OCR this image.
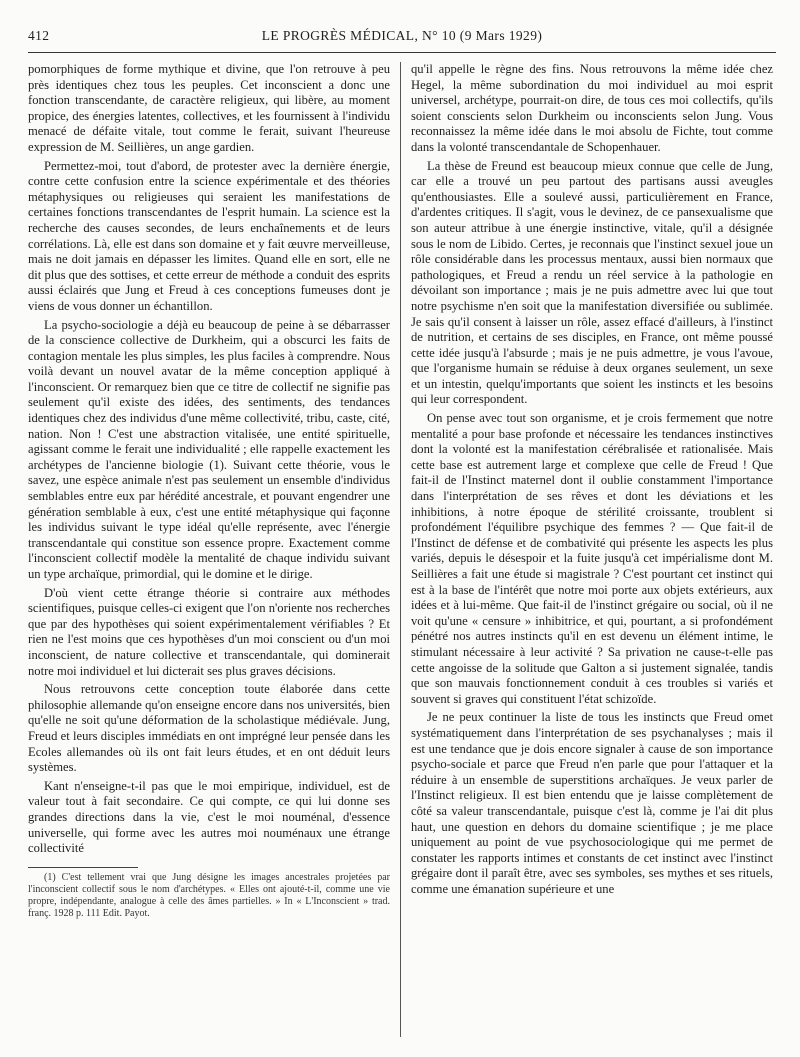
412	LE PROGRÈS MÉDICAL, N° 10 (9 Mars 1929)

pomorphiques de forme mythique et divine, que l'on retrouve à peu près identiques chez tous les peuples. Cet inconscient a donc une fonction transcendante, de caractère religieux, qui libère, au moment propice, des énergies latentes, collectives, et les fournissent à l'individu menacé de défaite vitale, tout comme le ferait, suivant l'heureuse expression de M. Seillières, un ange gardien.

Permettez-moi, tout d'abord, de protester avec la dernière énergie, contre cette confusion entre la science expérimentale et des théories métaphysiques ou religieuses qui seraient les manifestations de certaines fonctions transcendantes de l'esprit humain. La science est la recherche des causes secondes, de leurs enchaînements et de leurs corrélations. Là, elle est dans son domaine et y fait œuvre merveilleuse, mais ne doit jamais en dépasser les limites. Quand elle en sort, elle ne dit plus que des sottises, et cette erreur de méthode a conduit des esprits aussi éclairés que Jung et Freud à ces conceptions fumeuses dont je viens de vous donner un échantillon.

La psycho-sociologie a déjà eu beaucoup de peine à se débarrasser de la conscience collective de Durkheim, qui a obscurci les faits de contagion mentale les plus simples, les plus faciles à comprendre. Nous voilà devant un nouvel avatar de la même conception appliqué à l'inconscient. Or remarquez bien que ce titre de collectif ne signifie pas seulement qu'il existe des idées, des sentiments, des tendances identiques chez des individus d'une même collectivité, tribu, caste, cité, nation. Non ! C'est une abstraction vitalisée, une entité spirituelle, agissant comme le ferait une individualité ; elle rappelle exactement les archétypes de l'ancienne biologie (1). Suivant cette théorie, vous le savez, une espèce animale n'est pas seulement un ensemble d'individus semblables entre eux par hérédité ancestrale, et pouvant engendrer une génération semblable à eux, c'est une entité métaphysique qui façonne les individus suivant le type idéal qu'elle représente, avec l'énergie transcendantale qui constitue son essence propre. Exactement comme l'inconscient collectif modèle la mentalité de chaque individu suivant un type archaïque, primordial, qui le domine et le dirige.

D'où vient cette étrange théorie si contraire aux méthodes scientifiques, puisque celles-ci exigent que l'on n'oriente nos recherches que par des hypothèses qui soient expérimentalement vérifiables ? Et rien ne l'est moins que ces hypothèses d'un moi conscient ou d'un moi inconscient, de nature collective et transcendantale, qui dominerait notre moi individuel et lui dicterait ses plus graves décisions.

Nous retrouvons cette conception toute élaborée dans cette philosophie allemande qu'on enseigne encore dans nos universités, bien qu'elle ne soit qu'une déformation de la scholastique médiévale. Jung, Freud et leurs disciples immédiats en ont imprégné leur pensée dans les Ecoles allemandes où ils ont fait leurs études, et en ont déduit leurs systèmes.

Kant n'enseigne-t-il pas que le moi empirique, individuel, est de valeur tout à fait secondaire. Ce qui compte, ce qui lui donne ses grandes directions dans la vie, c'est le moi nouménal, d'essence universelle, qui forme avec les autres moi nouménaux une étrange collectivité

(1) C'est tellement vrai que Jung désigne les images ancestrales projetées par l'inconscient collectif sous le nom d'archétypes. « Elles ont ajouté-t-il, comme une vie propre, indépendante, analogue à celle des âmes partielles. » In « L'Inconscient » trad. franç. 1928 p. 111 Edit. Payot.

qu'il appelle le règne des fins. Nous retrouvons la même idée chez Hegel, la même subordination du moi individuel au moi esprit universel, archétype, pourrait-on dire, de tous ces moi collectifs, qu'ils soient conscients selon Durkheim ou inconscients selon Jung. Vous reconnaissez la même idée dans le moi absolu de Fichte, tout comme dans la volonté transcendantale de Schopenhauer.

La thèse de Freund est beaucoup mieux connue que celle de Jung, car elle a trouvé un peu partout des partisans aussi aveugles qu'enthousiastes. Elle a soulevé aussi, particulièrement en France, d'ardentes critiques. Il s'agit, vous le devinez, de ce pansexualisme que son auteur attribue à une énergie instinctive, vitale, qu'il a désignée sous le nom de Libido. Certes, je reconnais que l'instinct sexuel joue un rôle considérable dans les processus mentaux, aussi bien normaux que pathologiques, et Freud a rendu un réel service à la pathologie en dévoilant son importance ; mais je ne puis admettre avec lui que tout notre psychisme n'en soit que la manifestation diversifiée ou sublimée. Je sais qu'il consent à laisser un rôle, assez effacé d'ailleurs, à l'instinct de nutrition, et certains de ses disciples, en France, ont même poussé cette idée jusqu'à l'absurde ; mais je ne puis admettre, je vous l'avoue, que l'organisme humain se réduise à deux organes seulement, un sexe et un intestin, quelqu'importants que soient les instincts et les besoins qui leur correspondent.

On pense avec tout son organisme, et je crois fermement que notre mentalité a pour base profonde et nécessaire les tendances instinctives dont la volonté est la manifestation cérébralisée et rationalisée. Mais cette base est autrement large et complexe que celle de Freud ! Que fait-il de l'Instinct maternel dont il oublie constamment l'importance dans l'interprétation de ses rêves et dont les déviations et les inhibitions, à notre époque de stérilité croissante, troublent si profondément l'équilibre psychique des femmes ? — Que fait-il de l'Instinct de défense et de combativité qui présente les aspects les plus variés, depuis le désespoir et la fuite jusqu'à cet impérialisme dont M. Seillières a fait une étude si magistrale ? C'est pourtant cet instinct qui est à la base de l'intérêt que notre moi porte aux objets extérieurs, aux idées et à lui-même. Que fait-il de l'instinct grégaire ou social, où il ne voit qu'une « censure » inhibitrice, et qui, pourtant, a si profondément pénétré nos autres instincts qu'il en est devenu un élément intime, le stimulant nécessaire à leur activité ? Sa privation ne cause-t-elle pas cette angoisse de la solitude que Galton a si justement signalée, tandis que son mauvais fonctionnement conduit à ces troubles si variés et souvent si graves qui constituent l'état schizoïde.

Je ne peux continuer la liste de tous les instincts que Freud omet systématiquement dans l'interprétation de ses psychanalyses ; mais il est une tendance que je dois encore signaler à cause de son importance psycho-sociale et parce que Freud n'en parle que pour l'attaquer et la réduire à un ensemble de superstitions archaïques. Je veux parler de l'Instinct religieux. Il est bien entendu que je laisse complètement de côté sa valeur transcendantale, puisque c'est là, comme je l'ai dit plus haut, une question en dehors du domaine scientifique ; je me place uniquement au point de vue psychosociologique qui me permet de constater les rapports intimes et constants de cet instinct avec l'instinct grégaire dont il paraît être, avec ses symboles, ses mythes et ses rituels, comme une émanation supérieure et une
